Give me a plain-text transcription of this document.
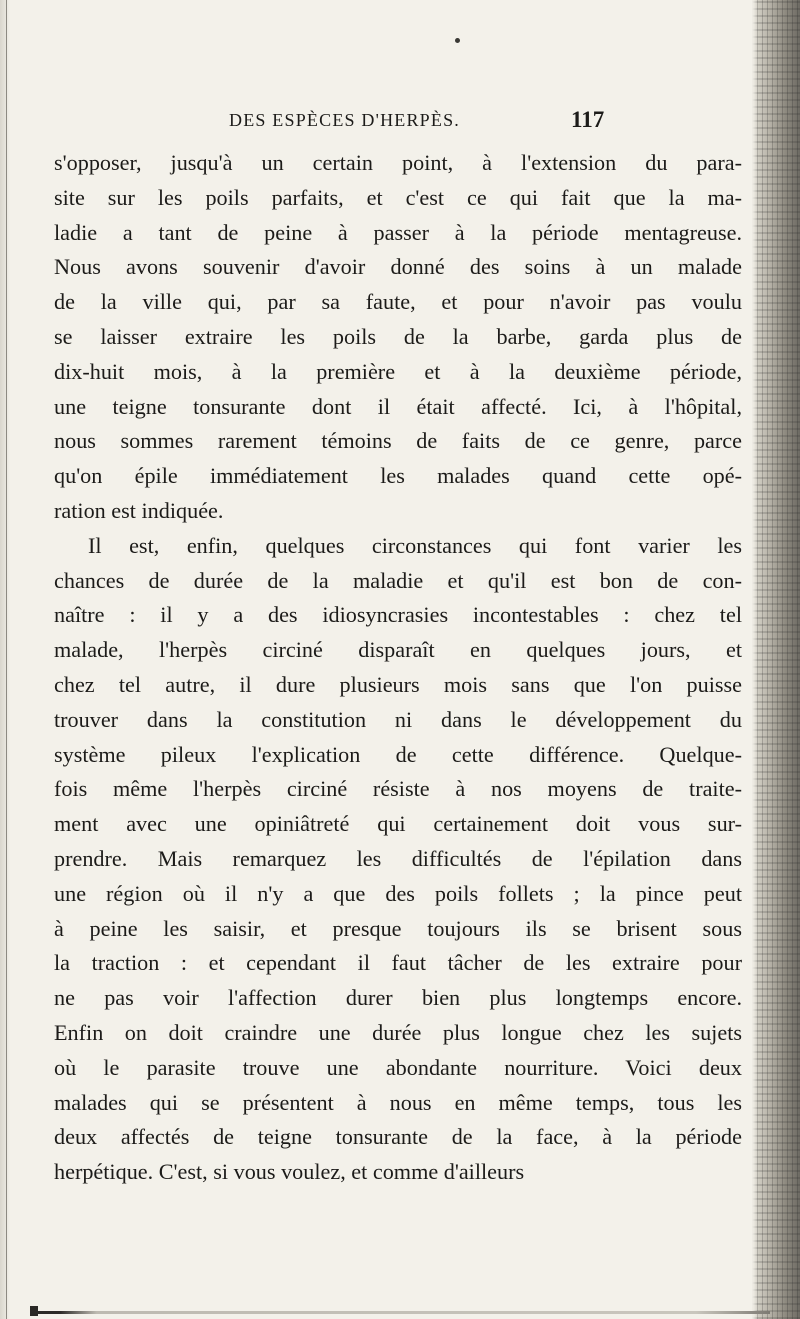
DES ESPÈCES D'HERPÈS.	117
s'opposer, jusqu'à un certain point, à l'extension du para-
site sur les poils parfaits, et c'est ce qui fait que la ma-
ladie a tant de peine à passer à la période mentagreuse.
Nous avons souvenir d'avoir donné des soins à un malade
de la ville qui, par sa faute, et pour n'avoir pas voulu
se laisser extraire les poils de la barbe, garda plus de
dix-huit mois, à la première et à la deuxième période,
une teigne tonsurante dont il était affecté. Ici, à l'hôpital,
nous sommes rarement témoins de faits de ce genre, parce
qu'on épile immédiatement les malades quand cette opé-
ration est indiquée.
Il est, enfin, quelques circonstances qui font varier les
chances de durée de la maladie et qu'il est bon de con-
naître : il y a des idiosyncrasies incontestables : chez tel
malade, l'herpès circiné disparaît en quelques jours, et
chez tel autre, il dure plusieurs mois sans que l'on puisse
trouver dans la constitution ni dans le développement du
système pileux l'explication de cette différence. Quelque-
fois même l'herpès circiné résiste à nos moyens de traite-
ment avec une opiniâtreté qui certainement doit vous sur-
prendre. Mais remarquez les difficultés de l'épilation dans
une région où il n'y a que des poils follets ; la pince peut
à peine les saisir, et presque toujours ils se brisent sous
la traction : et cependant il faut tâcher de les extraire pour
ne pas voir l'affection durer bien plus longtemps encore.
Enfin on doit craindre une durée plus longue chez les sujets
où le parasite trouve une abondante nourriture. Voici deux
malades qui se présentent à nous en même temps, tous les
deux affectés de teigne tonsurante de la face, à la période
herpétique. C'est, si vous voulez, et comme d'ailleurs
